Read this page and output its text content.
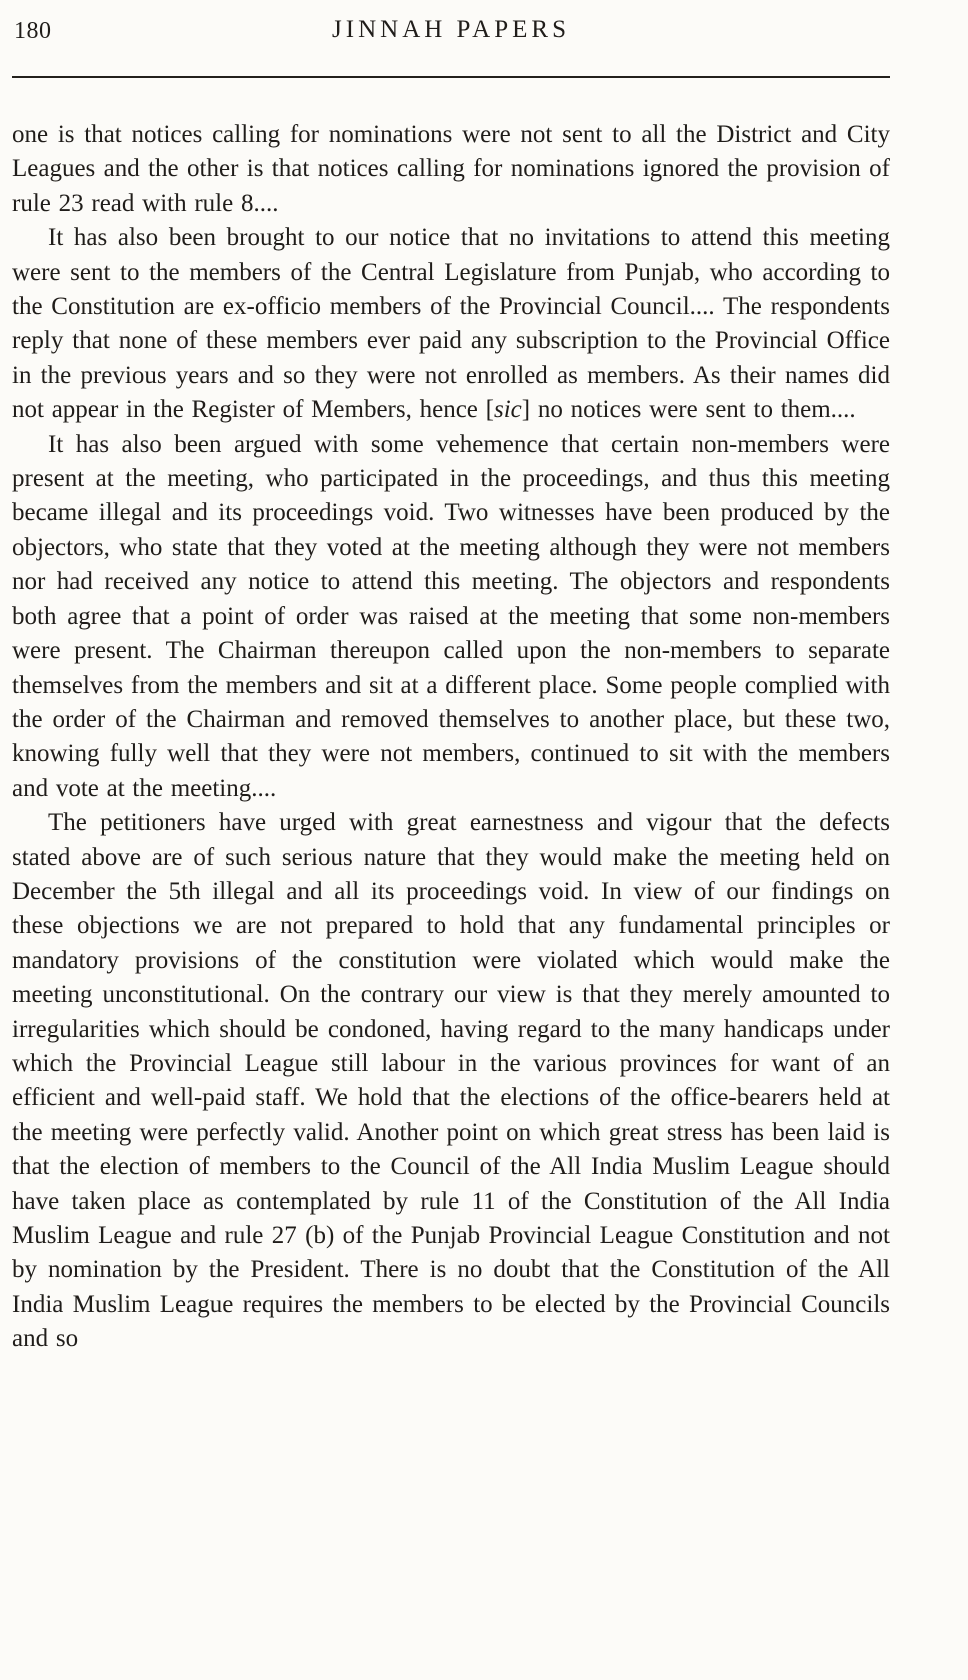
180	JINNAH PAPERS

one is that notices calling for nominations were not sent to all the District and City Leagues and the other is that notices calling for nominations ignored the provision of rule 23 read with rule 8....

It has also been brought to our notice that no invitations to attend this meeting were sent to the members of the Central Legislature from Punjab, who according to the Constitution are ex-officio members of the Provincial Council.... The respondents reply that none of these members ever paid any subscription to the Provincial Office in the previous years and so they were not enrolled as members. As their names did not appear in the Register of Members, hence [sic] no notices were sent to them....

It has also been argued with some vehemence that certain non-members were present at the meeting, who participated in the proceedings, and thus this meeting became illegal and its proceedings void. Two witnesses have been produced by the objectors, who state that they voted at the meeting although they were not members nor had received any notice to attend this meeting. The objectors and respondents both agree that a point of order was raised at the meeting that some non-members were present. The Chairman thereupon called upon the non-members to separate themselves from the members and sit at a different place. Some people complied with the order of the Chairman and removed themselves to another place, but these two, knowing fully well that they were not members, continued to sit with the members and vote at the meeting....

The petitioners have urged with great earnestness and vigour that the defects stated above are of such serious nature that they would make the meeting held on December the 5th illegal and all its proceedings void. In view of our findings on these objections we are not prepared to hold that any fundamental principles or mandatory provisions of the constitution were violated which would make the meeting unconstitutional. On the contrary our view is that they merely amounted to irregularities which should be condoned, having regard to the many handicaps under which the Provincial League still labour in the various provinces for want of an efficient and well-paid staff. We hold that the elections of the office-bearers held at the meeting were perfectly valid. Another point on which great stress has been laid is that the election of members to the Council of the All India Muslim League should have taken place as contemplated by rule 11 of the Constitution of the All India Muslim League and rule 27 (b) of the Punjab Provincial League Constitution and not by nomination by the President. There is no doubt that the Constitution of the All India Muslim League requires the members to be elected by the Provincial Councils and so
